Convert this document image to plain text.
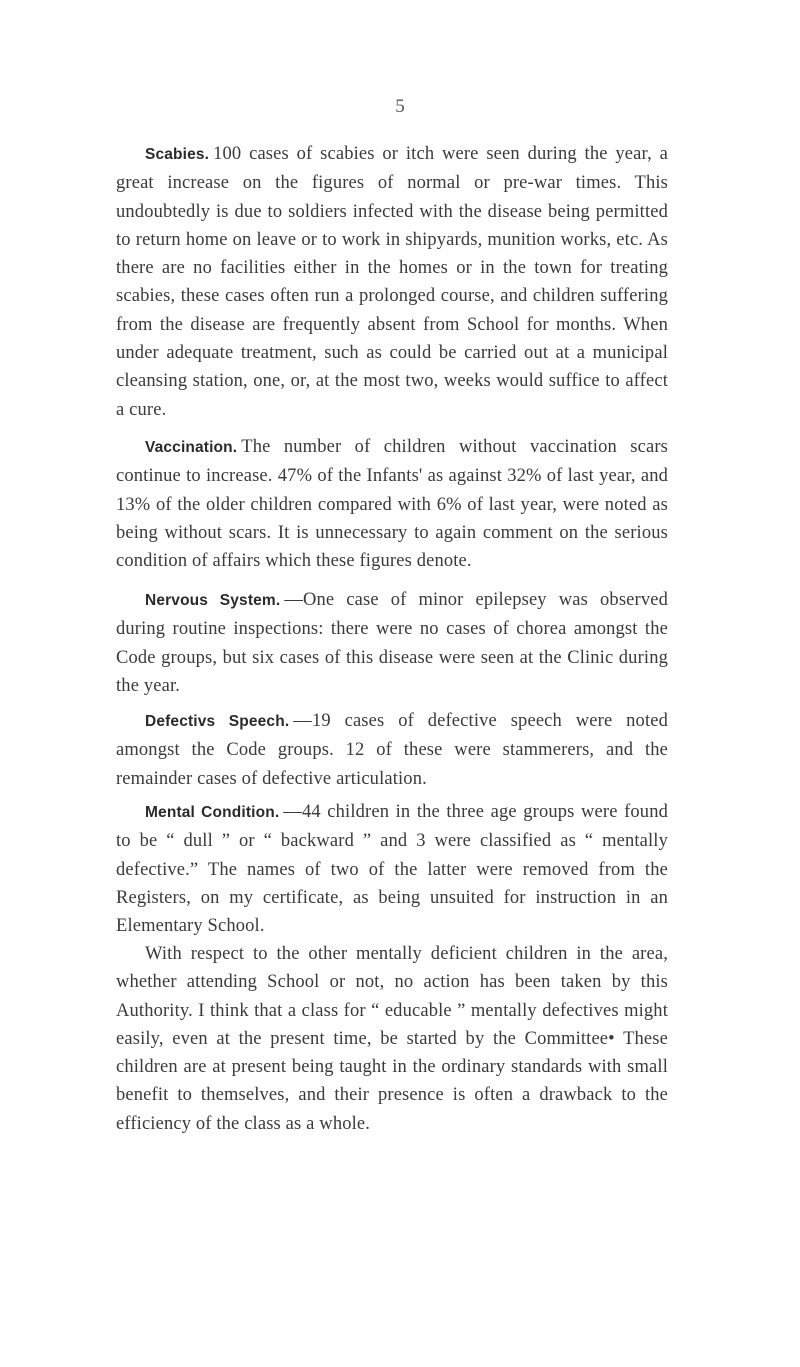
5

Scabies. 100 cases of scabies or itch were seen during the year, a great increase on the figures of normal or pre-war times. This undoubtedly is due to soldiers infected with the disease being permitted to return home on leave or to work in shipyards, munition works, etc. As there are no facilities either in the homes or in the town for treating scabies, these cases often run a prolonged course, and children suffering from the disease are frequently absent from School for months. When under adequate treatment, such as could be carried out at a municipal cleansing station, one, or, at the most two, weeks would suffice to affect a cure.

Vaccination. The number of children without vaccination scars continue to increase. 47% of the Infants' as against 32% of last year, and 13% of the older children compared with 6% of last year, were noted as being without scars. It is unnecessary to again comment on the serious condition of affairs which these figures denote.

Nervous System. —One case of minor epilepsey was observed during routine inspections: there were no cases of chorea amongst the Code groups, but six cases of this disease were seen at the Clinic during the year.

Defectivs Speech. —19 cases of defective speech were noted amongst the Code groups. 12 of these were stammerers, and the remainder cases of defective articulation.

Mental Condition. —44 children in the three age groups were found to be “ dull ” or “ backward ” and 3 were classified as “ mentally defective.” The names of two of the latter were removed from the Registers, on my certificate, as being unsuited for instruction in an Elementary School.

With respect to the other mentally deficient children in the area, whether attending School or not, no action has been taken by this Authority. I think that a class for “ educable ” mentally defectives might easily, even at the present time, be started by the Committee• These children are at present being taught in the ordinary standards with small benefit to themselves, and their presence is often a drawback to the efficiency of the class as a whole.
